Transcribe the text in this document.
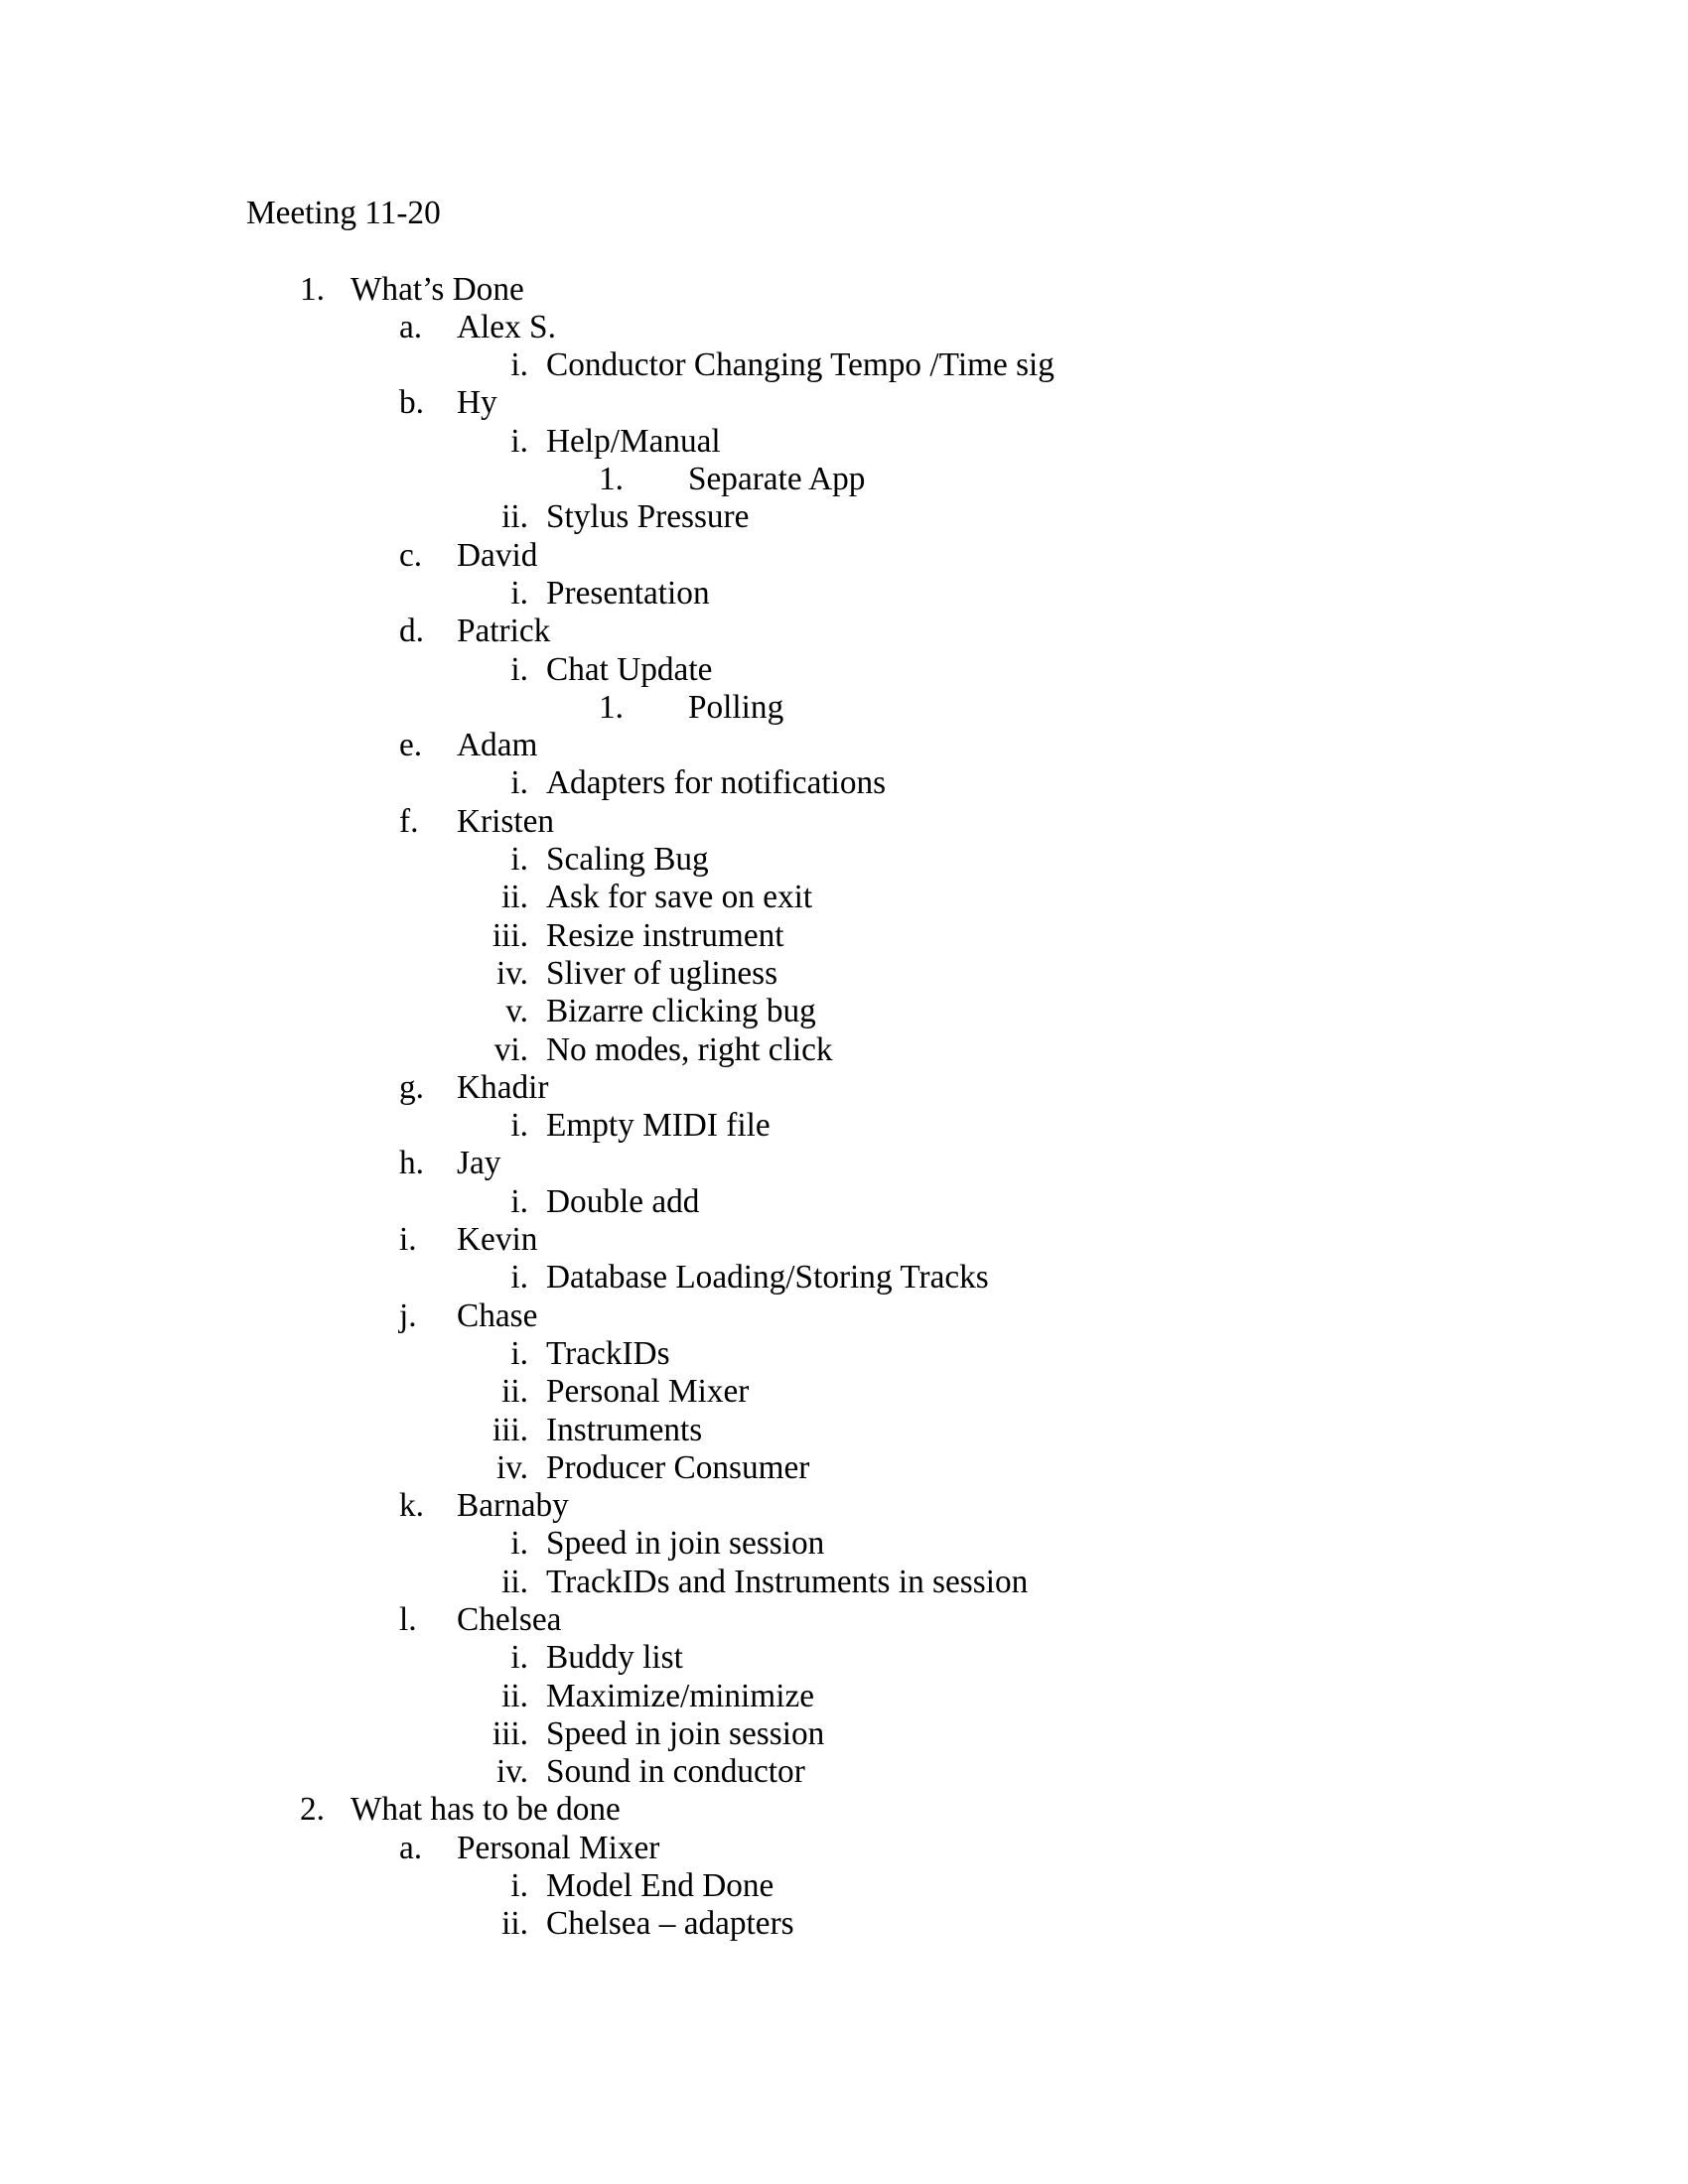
Meeting 11-20
1. What’s Done
a. Alex S.
i. Conductor Changing Tempo /Time sig
b. Hy
i. Help/Manual
1. Separate App
ii. Stylus Pressure
c. David
i. Presentation
d. Patrick
i. Chat Update
1. Polling
e. Adam
i. Adapters for notifications
f. Kristen
i. Scaling Bug
ii. Ask for save on exit
iii. Resize instrument
iv. Sliver of ugliness
v. Bizarre clicking bug
vi. No modes, right click
g. Khadir
i. Empty MIDI file
h. Jay
i. Double add
i. Kevin
i. Database Loading/Storing Tracks
j. Chase
i. TrackIDs
ii. Personal Mixer
iii. Instruments
iv. Producer Consumer
k. Barnaby
i. Speed in join session
ii. TrackIDs and Instruments in session
l. Chelsea
i. Buddy list
ii. Maximize/minimize
iii. Speed in join session
iv. Sound in conductor
2. What has to be done
a. Personal Mixer
i. Model End Done
ii. Chelsea – adapters
